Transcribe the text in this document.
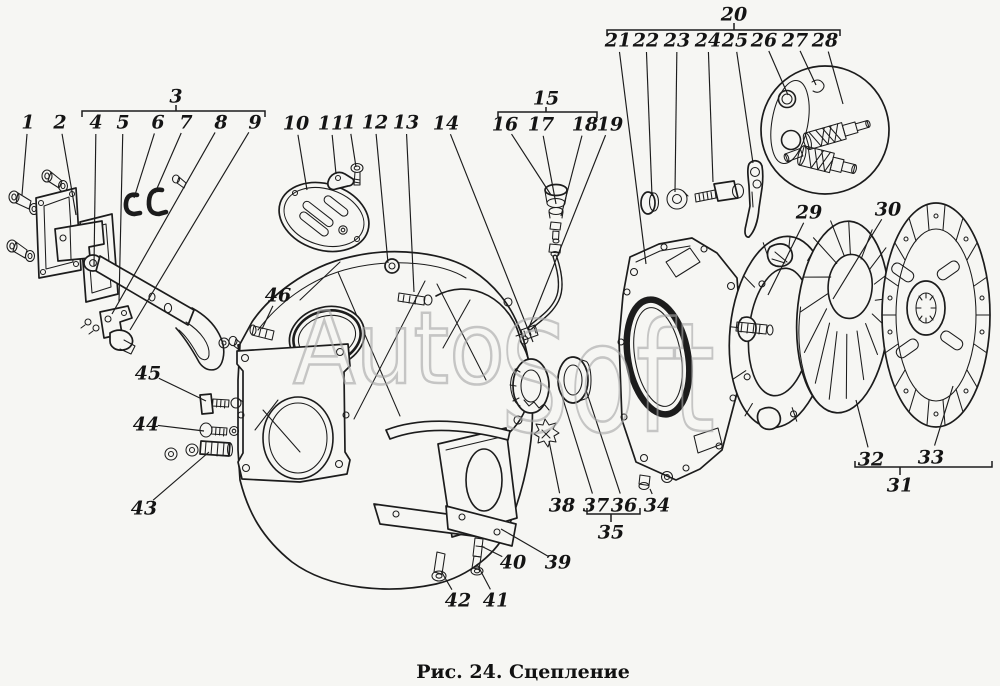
1 2 4 5 6 7 8 9 10 11
1 12 13 14 16 17 18
19
21 22 23 24 25 26 27 28
29	30
32 33
34
36
37
38
39
40
41
42
43
44
45
46
3	15
20
35
31
Auto
Soft
Рис. 24. Сцепление
